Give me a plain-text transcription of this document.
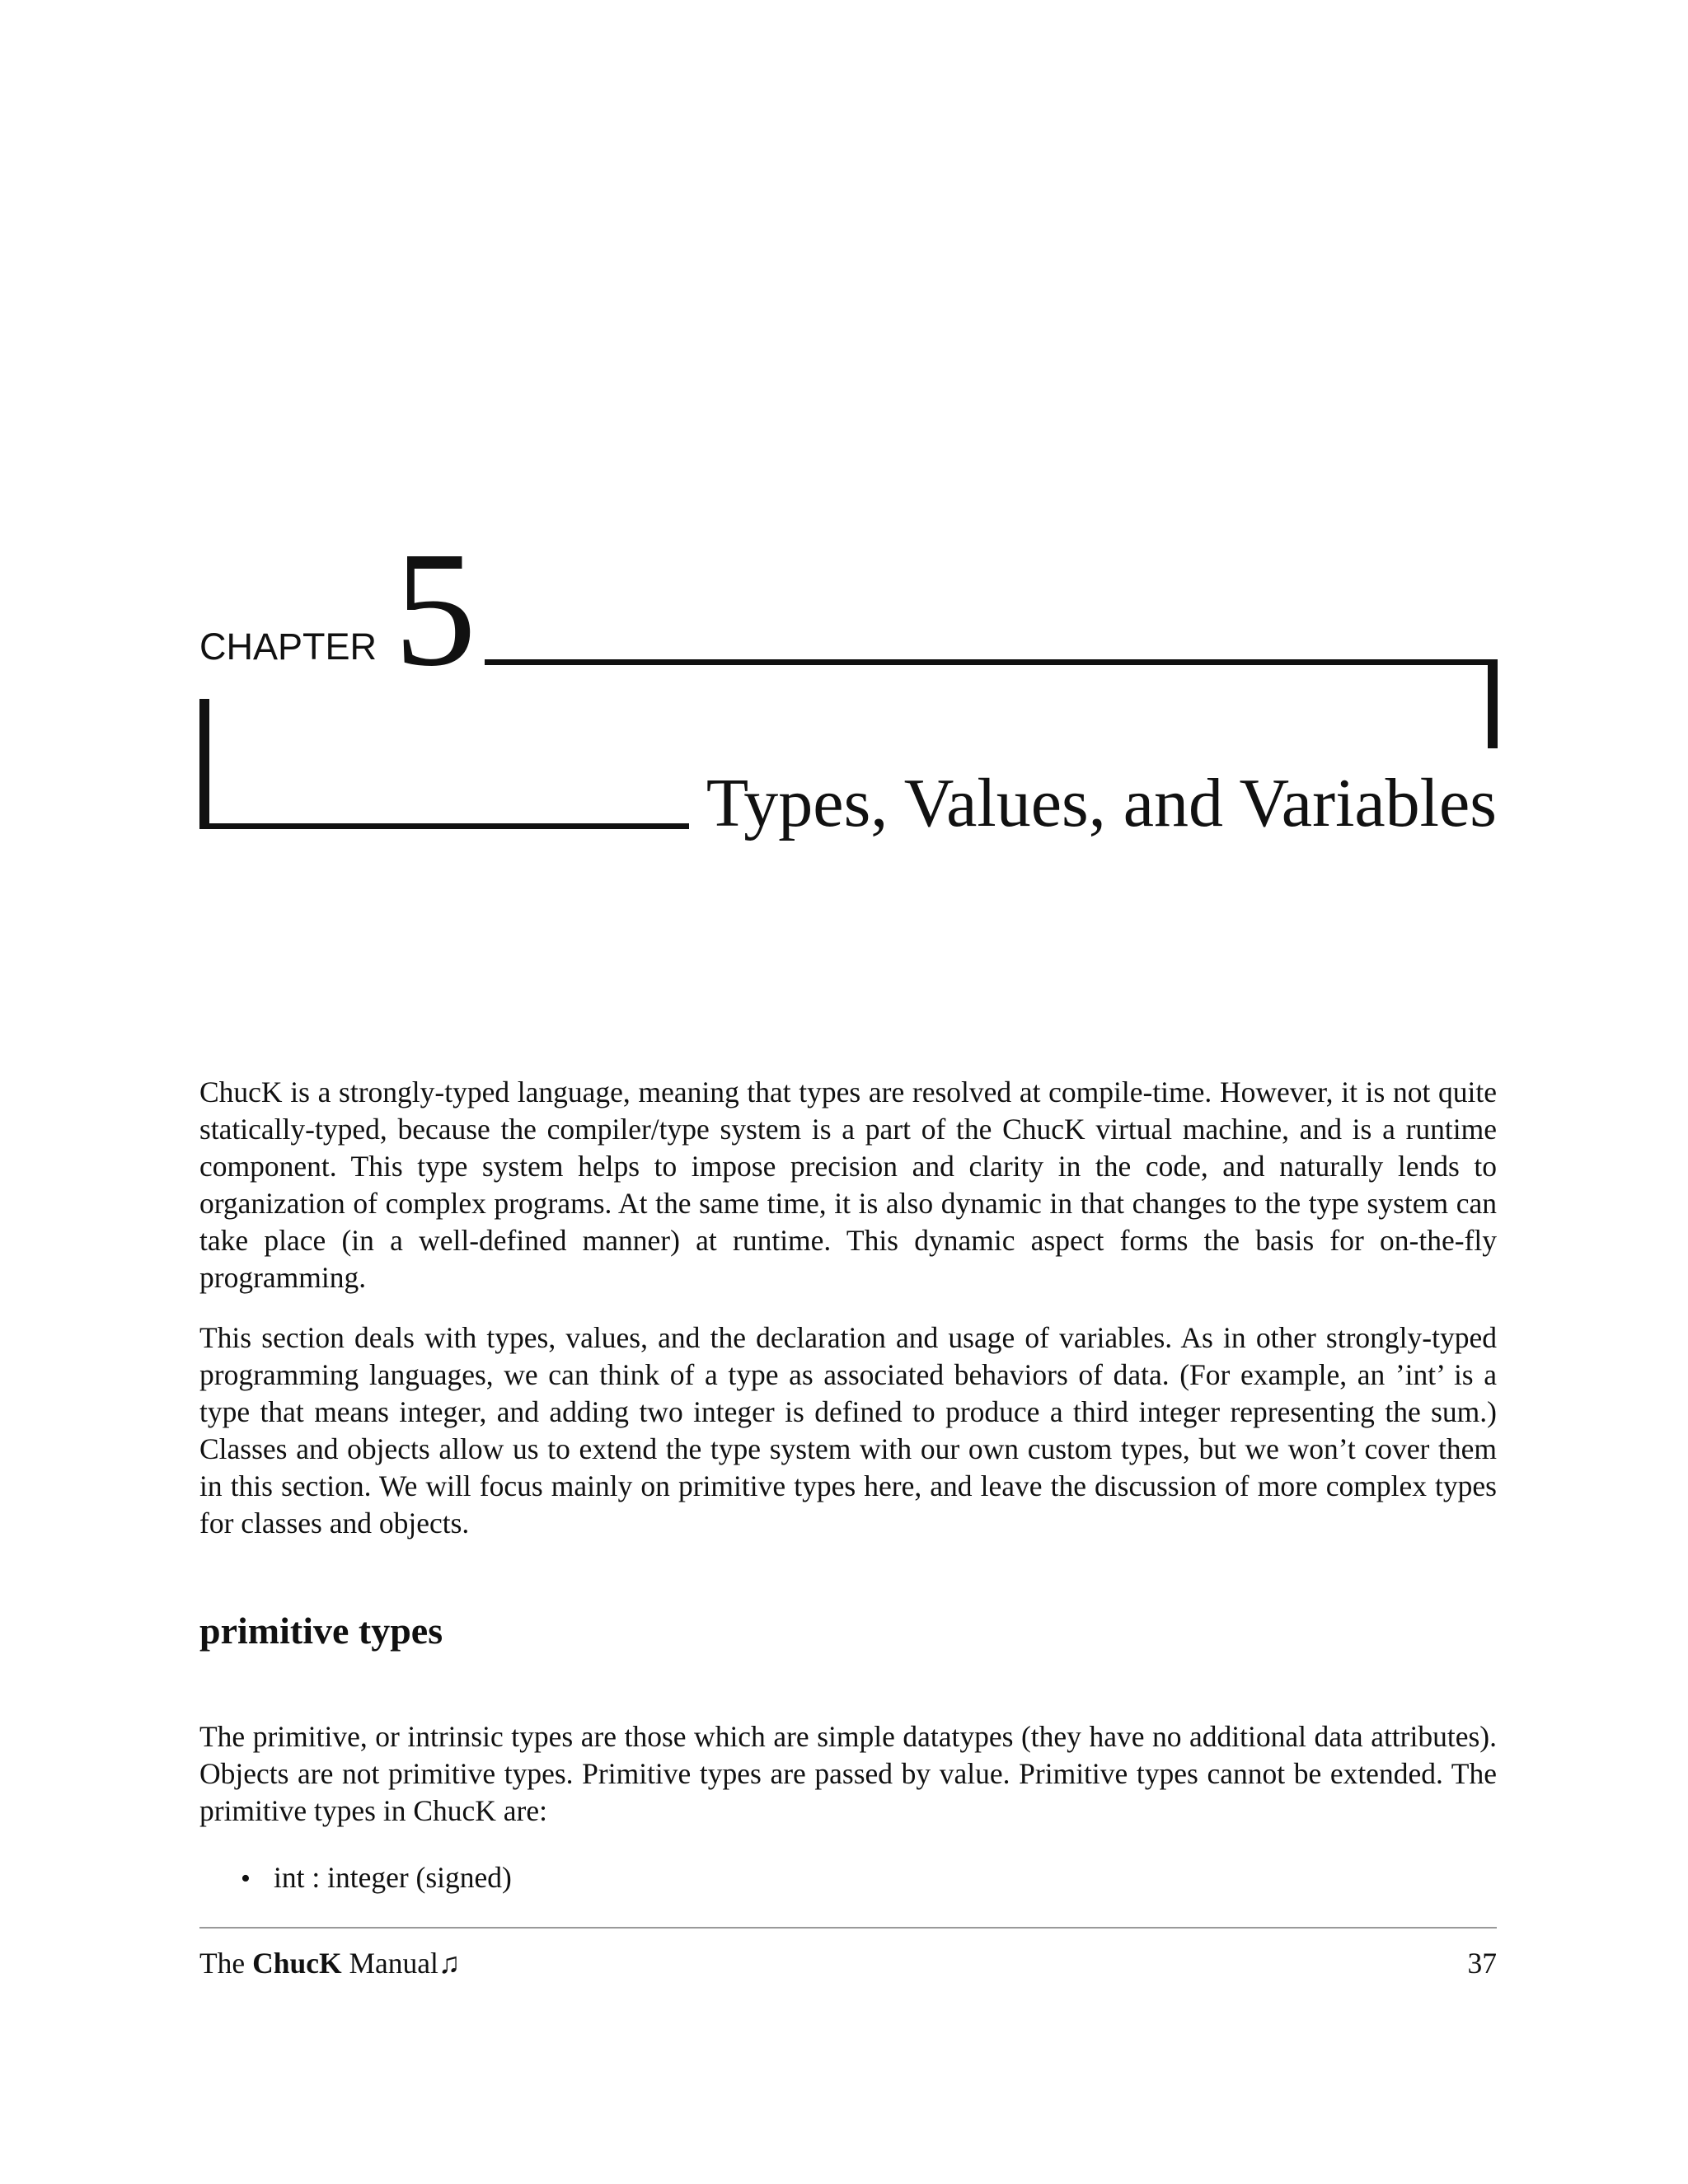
CHAPTER 5
Types, Values, and Variables

ChucK is a strongly-typed language, meaning that types are resolved at compile-time. However, it is not quite statically-typed, because the compiler/type system is a part of the ChucK virtual machine, and is a runtime component. This type system helps to impose precision and clarity in the code, and naturally lends to organization of complex programs. At the same time, it is also dynamic in that changes to the type system can take place (in a well-defined manner) at runtime. This dynamic aspect forms the basis for on-the-fly programming.

This section deals with types, values, and the declaration and usage of variables. As in other strongly-typed programming languages, we can think of a type as associated behaviors of data. (For example, an ’int’ is a type that means integer, and adding two integer is defined to produce a third integer representing the sum.) Classes and objects allow us to extend the type system with our own custom types, but we won’t cover them in this section. We will focus mainly on primitive types here, and leave the discussion of more complex types for classes and objects.

primitive types

The primitive, or intrinsic types are those which are simple datatypes (they have no additional data attributes). Objects are not primitive types. Primitive types are passed by value. Primitive types cannot be extended. The primitive types in ChucK are:

• int : integer (signed)
The ChucK Manual♫	37
